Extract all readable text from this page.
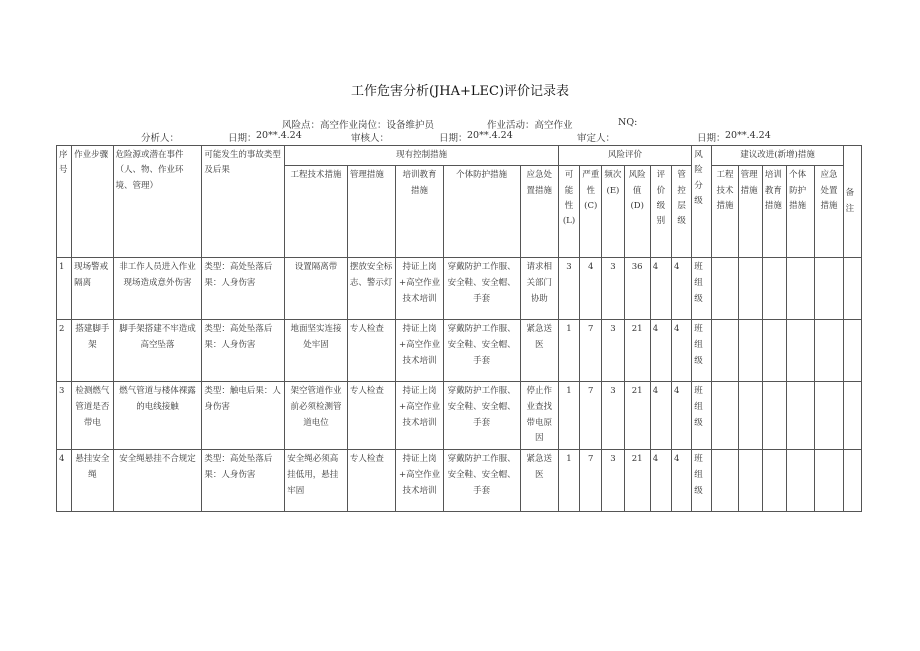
工作危害分析(JHA+LEC)评价记录表
风险点：高空作业岗位：设备维护员	作业活动：高空作业	NQ:
分析人：	日期： 20**.4.24	审核人：	日期： 20**.4.24	审定人：	日期： 20**.4.24
序号	作业步骤	危险源或潜在事件（人、物、作业环境、管理）	可能发生的事故类型及后果	现有控制措施					风险评价						风险分级	建议改进(新增)措施					备注
				工程技术措施	管理措施	培训教育措施	个体防护措施	应急处置措施	可能性(L)	严重性(C)	频次(E)	风险值(D)	评价级别	管控层级		工程技术措施	管理措施	培训教育措施	个体防护措施	应急处置措施	
1	现场警戒隔离	非工作人员进入作业现场造成意外伤害	类型：高处坠落后果：人身伤害	设置隔离带	摆放安全标志、警示灯	持证上岗+高空作业技术培训	穿戴防护工作服、安全鞋、安全帽、手套	请求相关部门协助	3	4	3	36	4	4	班组级						
2	搭建脚手架	脚手架搭建不牢造成高空坠落	类型：高处坠落后果：人身伤害	地面坚实连接处牢固	专人检查	持证上岗+高空作业技术培训	穿戴防护工作服、安全鞋、安全帽、手套	紧急送医	1	7	3	21	4	4	班组级						
3	检测燃气管道是否带电	燃气管道与楼体裸露的电线接触	类型：触电后果：人身伤害	架空管道作业前必须检测管道电位	专人检查	持证上岗+高空作业技术培训	穿戴防护工作服、安全鞋、安全帽、手套	停止作业查找带电原因	1	7	3	21	4	4	班组级						
4	悬挂安全绳	安全绳悬挂不合规定	类型：高处坠落后果：人身伤害	安全绳必须高挂低用，悬挂牢固	专人检查	持证上岗+高空作业技术培训	穿戴防护工作服、安全鞋、安全帽、手套	紧急送医	1	7	3	21	4	4	班组级						
